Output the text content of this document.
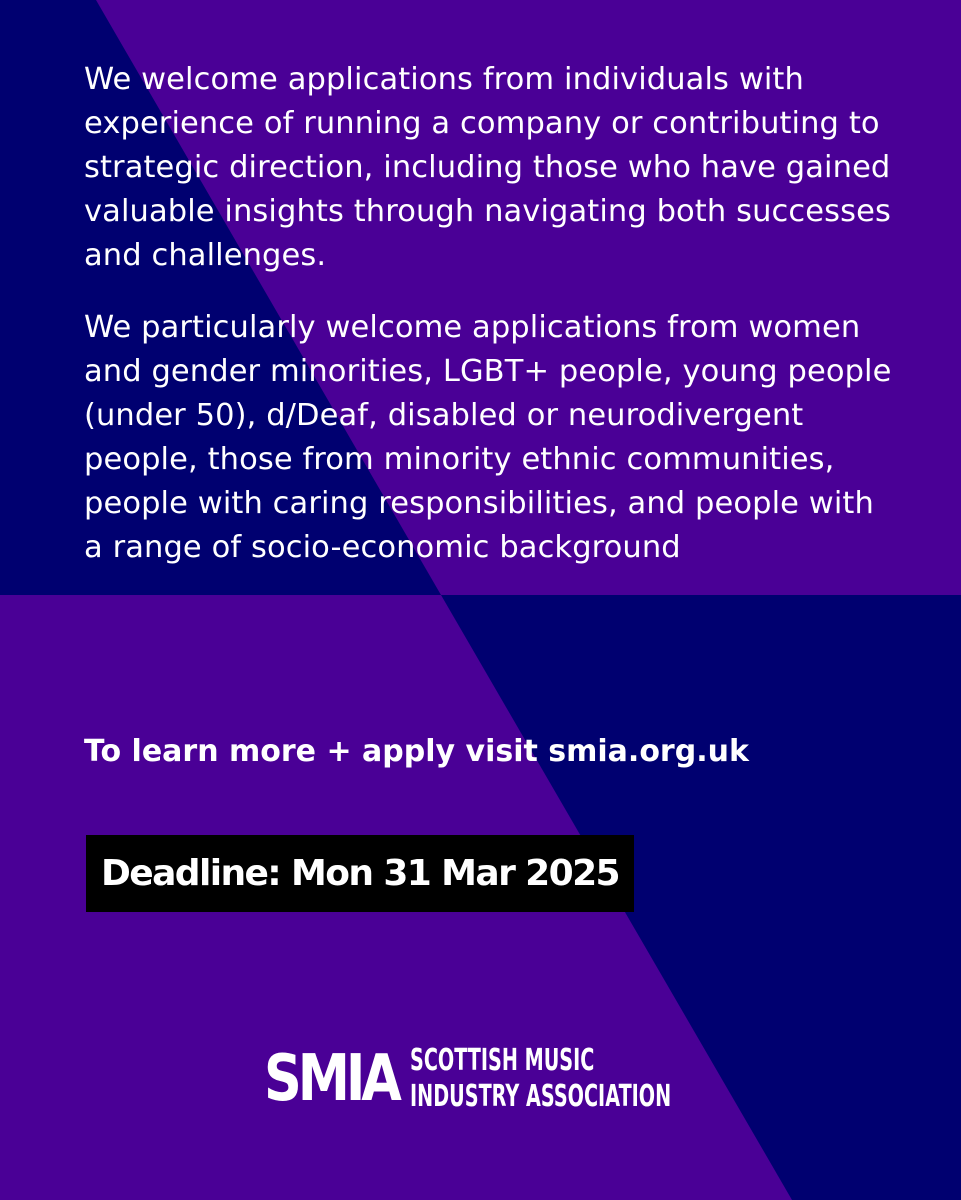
We welcome applications from individuals with experience of running a company or contributing to strategic direction, including those who have gained valuable insights through navigating both successes and challenges.

We particularly welcome applications from women and gender minorities, LGBT+ people, young people (under 50), d/Deaf, disabled or neurodivergent people, those from minority ethnic communities, people with caring responsibilities, and people with a range of socio-economic background

To learn more + apply visit smia.org.uk
Deadline: Mon 31 Mar 2025
SMIA SCOTTISH MUSIC
INDUSTRY ASSOCIATION
